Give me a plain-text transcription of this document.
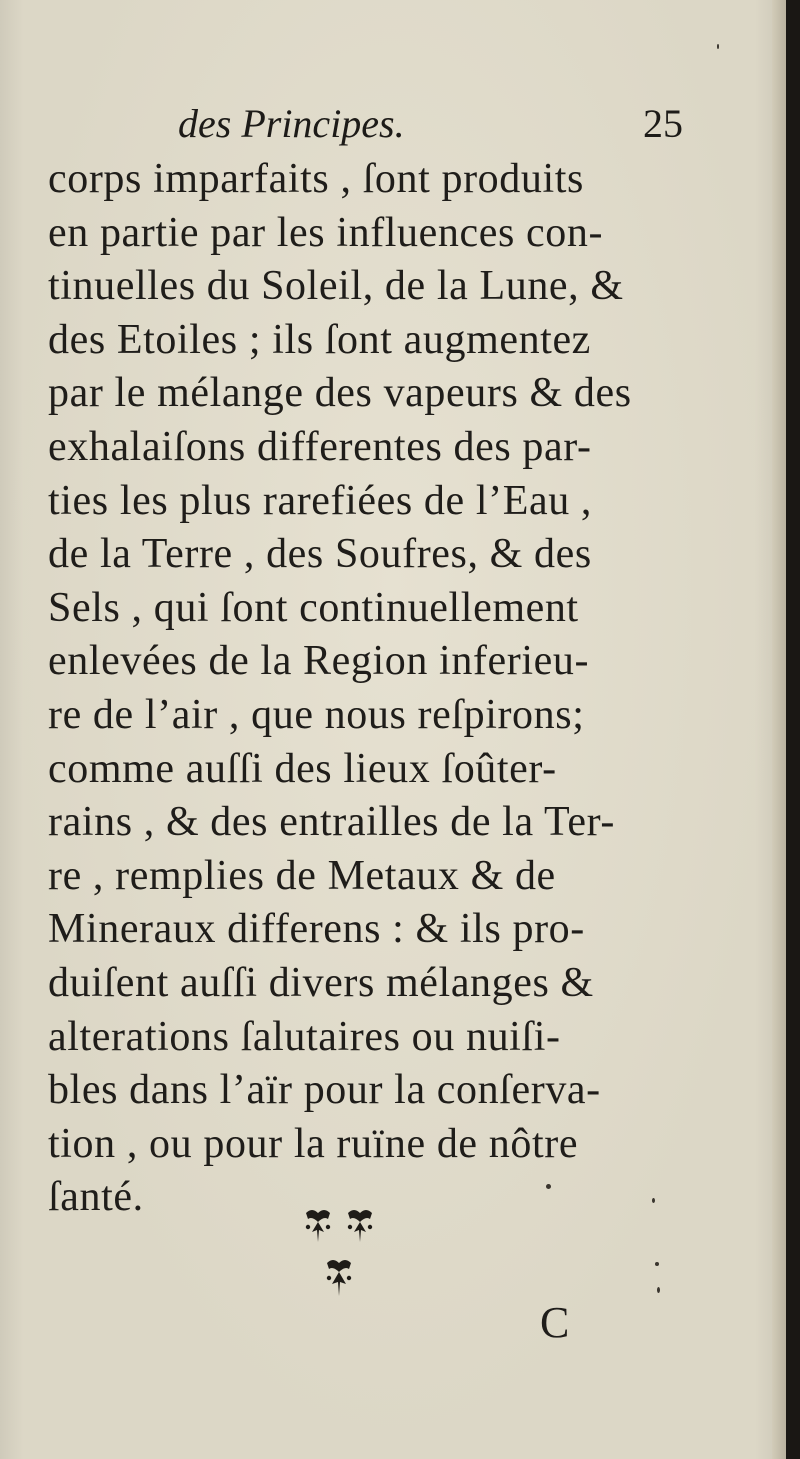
des Principes.	25
corps imparfaits , ſont produits
en partie par les influences con-
tinuelles du Soleil, de la Lune, &
des Etoiles ; ils ſont augmentez
par le mélange des vapeurs & des
exhalaiſons differentes des par-
ties les plus rarefiées de l’Eau ,
de la Terre , des Soufres, & des
Sels , qui ſont continuellement
enlevées de la Region inferieu-
re de l’air , que nous reſpirons;
comme auſſi des lieux ſoûter-
rains , & des entrailles de la Ter-
re , remplies de Metaux & de
Mineraux differens : & ils pro-
duiſent auſſi divers mélanges &
alterations ſalutaires ou nuiſi-
bles dans l’aïr pour la conſerva-
tion , ou pour la ruïne de nôtre
ſanté.
C
